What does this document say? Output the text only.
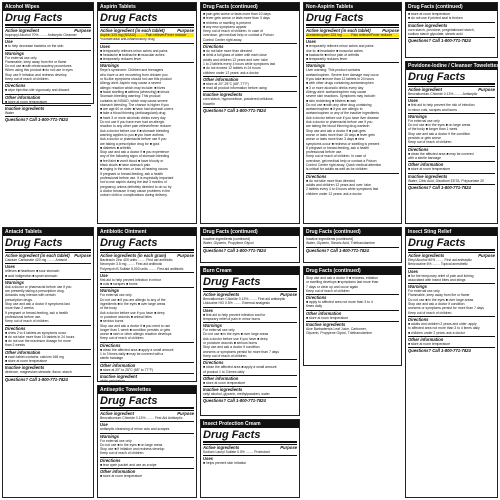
Alcohol Wipes
Drug Facts
Active ingredient	Purpose
Isopropyl Alcohol 70% ........ Antiseptic Cleanser
Use
■ to help decrease bacteria on the skin
Warnings
For external use only
Flammable, keep away from fire or flame
Do not use ■ with electrocautery procedures
When using this product ■ do not use in eyes
Stop use If irritation and redness develop
Keep out of reach of children.
Directions
■ wipe injection site vigorously and discard
Other information
■ store at room temperature
Inactive ingredients
Water
Questions? Call 1-800-771-7824
Aspirin Tablets
Drug Facts
Active ingredient (in each tablet)	Purpose
Aspirin 325 mg (NSAID) ........ Pain reliever/Fever reducer
*nonsteroidal anti-inflammatory drug
Uses
■ temporarily relieves minor aches and pains
■ headache ■ toothache ■ muscular aches
■ temporarily reduces fever
Warnings
Reye's syndrome: Children and teenagers
who have or are recovering from chicken pox
or flu-like symptoms should not use this product
Allergy alert: Aspirin may cause a severe
allergic reaction which may include: ■ hives
■ facial swelling ■ asthma (wheezing) ■ shock
Stomach bleeding warning: This product
contains an NSAID, which may cause severe
stomach bleeding. The chance is higher if you
■ are age 60 or older ■ have had stomach ulcers
■ take a blood thinning (anticoagulant) drug
■ have 3 or more alcoholic drinks every day
Do not use if you have ever had an allergic
reaction to any other pain reliever/fever reducer
Ask a doctor before use if ■ stomach bleeding
warning applies to you ■ you have asthma
Ask a doctor or pharmacist before use if you
are taking a prescription drug for ■ gout
■ diabetes ■ arthritis
Stop use and ask a doctor if ■ you experience
any of the following signs of stomach bleeding
■ feel faint ■ vomit blood ■ have bloody or
black stools ■ have stomach pain
■ ringing in the ears or loss of hearing occurs
If pregnant or breast-feeding, ask a health
professional before use. It is especially important
not to use aspirin during the last 3 months of
pregnancy unless definitely directed to do so by
a doctor because it may cause problems in the
unborn child or complications during delivery.
Drug Facts (continued)
■ pain gets worse or lasts more than 10 days
■ fever gets worse or lasts more than 3 days
■ redness or swelling is present
■ any new symptoms appear
Keep out of reach of children. In case of
overdose, get medical help or contact a Poison
Control Center right away.
Directions
■ do not take more than directed
■ drink a full glass of water with each dose
adults and children 12 years and over: take
1 to 2 tablets every 4 hours while symptoms last
■ do not exceed 12 tablets in 24 hours
children under 12 years: ask a doctor
Other information
■ store at 20°-25°C (68°-77°F)
■ read all product information before using
Inactive ingredients
corn starch, hypromellose, powdered cellulose,
triacetin
Questions? Call 1-800-771-7824
Non-Aspirin Tablets
Drug Facts
Active ingredient (in each tablet)	Purpose
Acetaminophen 325 mg ........ Pain reliever/Fever reducer
Uses
■ temporarily relieves minor aches and pains
due to: ■ headache ■ muscular aches
■ backache ■ minor pain of arthritis
■ temporarily reduces fever
Warnings
Liver warning: This product contains
acetaminophen. Severe liver damage may occur
if you take ■ more than 12 tablets in 24 hours
■ with other drugs containing acetaminophen
■ 3 or more alcoholic drinks every day
Allergy alert: acetaminophen may cause
severe skin reactions. Symptoms may include:
■ skin reddening ■ blisters ■ rash
Do not use ■ with any other drug containing
acetaminophen ■ if you are allergic to
acetaminophen or any of the inactive ingredients
Ask a doctor before use if you have liver disease
Ask a doctor or pharmacist before use if you
are taking the blood thinning drug warfarin
Stop use and ask a doctor if ■ pain gets
worse or lasts more than 10 days ■ fever gets
worse or lasts more than 3 days ■ new
symptoms occur ■ redness or swelling is present
If pregnant or breast-feeding, ask a health
professional before use.
Keep out of reach of children. In case of
overdose, get medical help or contact a Poison
Control Center right away. Quick medical attention
is critical for adults as well as for children
Directions
■ do not take more than directed
adults and children 12 years and over: take
2 tablets every 4 to 6 hours while symptoms last
children under 12 years: ask a doctor
Drug Facts (continued)
■ store at room temperature
■ do not use if printed seal is broken
Inactive ingredients
corn starch, povidone, pregelatinized starch,
sodium starch glycolate, stearic acid
Questions? Call 1-800-771-7824
Povidone-Iodine / Cleanser Towelettes
Drug Facts
Active ingredient	Purpose
Benzalkonium Chloride 0.13% ........ Antiseptic
Uses
■ first aid to help prevent the risk of infection
in minor cuts, scrapes and burns
Warnings
For external use only
Do not use ■ in the eyes ■ on large areas
of the body ■ longer than 1 week
Stop use and ask a doctor if the condition
persists or gets worse
Keep out of reach of children.
Directions
■ clean the affected area ■ may be covered
with a sterile bandage
Other information
■ store at room temperature
Inactive ingredients
Water, Citric Acid, Disodium EDTA, Polysorbate 20
Questions? Call 1-800-771-7824
Antacid Tablets
Drug Facts
Active ingredient (in each tablet) Purpose
Calcium Carbonate 420 mg ........ Antacid
Uses
relieves ■ heartburn ■ sour stomach
■ acid indigestion ■ upset stomach
Warnings
Ask a doctor or pharmacist before use if you
are presently taking a prescription drug.
Antacids may interact with certain
prescription drugs.
Stop use and ask a doctor if symptoms last
more than 2 weeks
If pregnant or breast-feeding, ask a health
professional before use.
Keep out of reach of children.
Directions
■ chew 2 to 4 tablets as symptoms occur
■ do not take more than 19 tablets in 24 hours
■ do not use the maximum dosage for more
than 2 weeks
Other information
■ each tablet contains: calcium 168 mg
■ store at room temperature
Inactive ingredients
dextrose, magnesium stearate, flavor, starch
Questions? Call 1-800-771-7824
Antibiotic Ointment
Drug Facts
Active ingredients (in each gram)	Purpose
Bacitracin Zinc 400 units ........ First aid antibiotic
Neomycin 3.5 mg ........ First aid antibiotic
Polymyxin B Sulfate 5,000 units ........ First aid antibiotic
Use
first aid to help prevent infection in minor
■ cuts ■ scrapes ■ burns
Warnings
For external use only
Do not use ■ if you are allergic to any of the
ingredients ■ in the eyes ■ over large areas
of the body
Ask a doctor before use if you have ■ deep
or puncture wounds ■ animal bites
■ serious burns
Stop use and ask a doctor if ■ you need to use
longer than 1 week ■ condition persists or gets
worse ■ rash or other allergic reaction develops
Keep out of reach of children.
Directions
■ clean the affected area ■ apply a small amount
1 to 3 times daily ■ may be covered with a
sterile bandage
Other information
■ store at 20° to 25°C (68° to 77°F)
Inactive ingredient
white petrolatum
Antiseptic Towelettes
Drug Facts
Active ingredient	Purpose
Benzalkonium Chloride 0.13% ........ First Aid Antiseptic
Use
antiseptic cleansing of minor cuts and scrapes
Warnings
For external use only
Do not use ■ in the eyes ■ on large areas
Stop use ■ if irritation and redness develop
Keep out of reach of children.
Directions
■ tear open packet and use as a wipe
Other information
■ store at room temperature
Drug Facts (continued)
Inactive ingredients (continued)
Water, Glycerin, Propylene Glycol
Questions? Call 1-800-771-7824
Burn Cream
Drug Facts
Active ingredients	Purpose
Benzalkonium Chloride 0.13% ........ First aid antiseptic
Lidocaine HCl 0.5% ........ External analgesic
Uses
■ first aid to help prevent infection and for
temporary relief of pain in minor burns
Warnings
For external use only
Do not use ■ in the eyes ■ over large areas
Ask a doctor before use if you have ■ deep
or puncture wounds ■ serious burns
Stop use and ask a doctor if condition
worsens or symptoms persist for more than 7 days
Keep out of reach of children.
Directions
■ clean the affected area ■ apply a small amount
of product 1 to 3 times daily
Other information
■ store at room temperature
Inactive ingredients
cetyl alcohol, glycerin, methylparaben, water
Questions? Call 1-800-771-7824
Insect Protection Cream
Drug Facts
Active ingredients	Purpose
Sodium Lauryl Sulfate 0.5% ........ Protectant
Uses
■ helps prevent skin irritation
Drug Facts (continued)
Inactive ingredients (continued)
Water, Glycerin, Stearic Acid, Triethanolamine
Questions? Call 1-800-771-7824
Drug Facts (continued)
Stop use and ask a doctor if ■ redness, irritation
or swelling develops ■ symptoms last more than
7 days or clear up and occur again
Keep out of reach of children.
Directions
■ apply to affected area not more than 3 to 4
times daily
Other information
■ store at room temperature
Inactive ingredients
Aloe Barbadensis Leaf Juice, Carbomer,
Glycerin, Propylene Glycol, Triethanolamine
Insect Sting Relief
Drug Facts
Active ingredients	Purpose
Ethyl Alcohol 60% ........ First aid antiseptic
Benzocaine 6% ........ Topical anesthetic
Uses
■ for the temporary relief of pain and itching
associated with insect bites and stings
Warnings
For external use only
Flammable, keep away from fire or flame
Do not use ■ in the eyes ■ over large areas
Stop use and ask a doctor if condition
worsens or symptoms persist for more than 7 days
Keep out of reach of children.
Directions
■ adults and children 2 years and older: apply
to affected area not more than 3 to 4 times daily
■ children under 2 years: ask a doctor
Other information
■ store at room temperature
Questions? Call 1-800-771-7824
